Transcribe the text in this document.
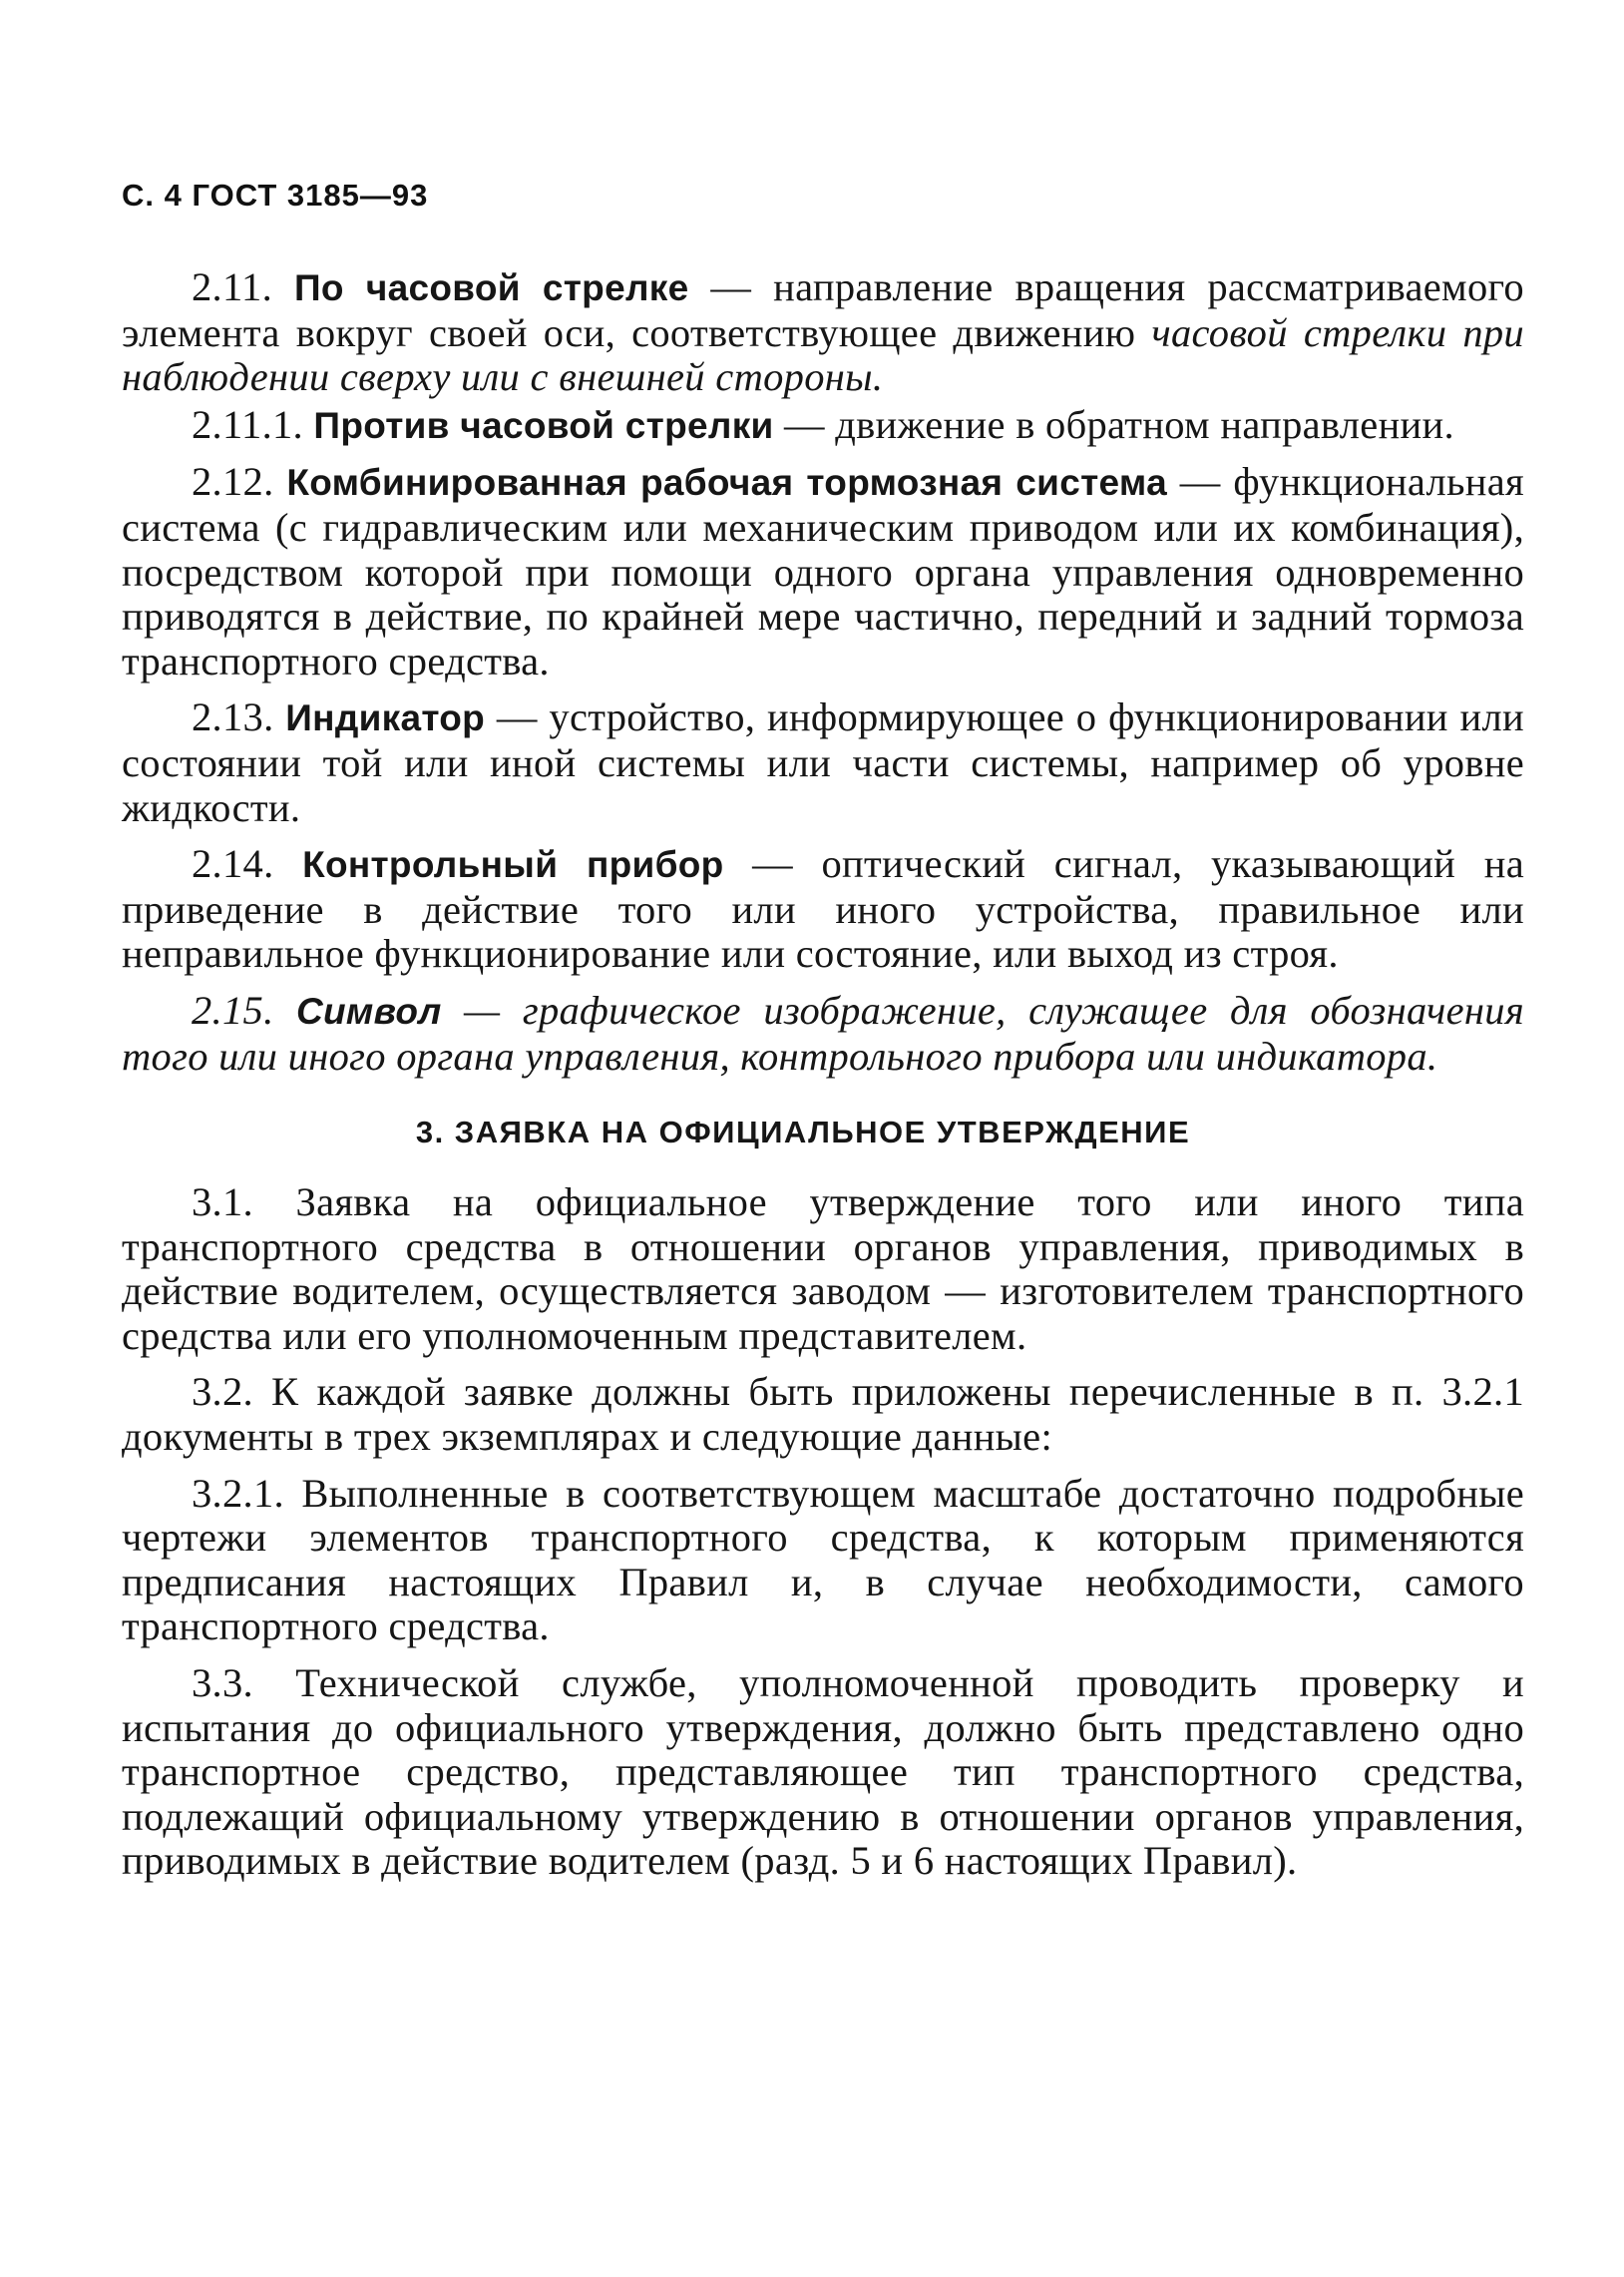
С. 4 ГОСТ 3185—93

2.11. По часовой стрелке — направление вращения рассматриваемого элемента вокруг своей оси, соответствующее движению часовой стрелки при наблюдении сверху или с внешней стороны.

2.11.1. Против часовой стрелки — движение в обратном направлении.

2.12. Комбинированная рабочая тормозная система — функциональная система (с гидравлическим или механическим приводом или их комбинация), посредством которой при помощи одного органа управления одновременно приводятся в действие, по крайней мере частично, передний и задний тормоза транспортного средства.

2.13. Индикатор — устройство, информирующее о функционировании или состоянии той или иной системы или части системы, например об уровне жидкости.

2.14. Контрольный прибор — оптический сигнал, указывающий на приведение в действие того или иного устройства, правильное или неправильное функционирование или состояние, или выход из строя.

2.15. Символ — графическое изображение, служащее для обозначения того или иного органа управления, контрольного прибора или индикатора.

3. ЗАЯВКА НА ОФИЦИАЛЬНОЕ УТВЕРЖДЕНИЕ

3.1. Заявка на официальное утверждение того или иного типа транспортного средства в отношении органов управления, приводимых в действие водителем, осуществляется заводом — изготовителем транспортного средства или его уполномоченным представителем.

3.2. К каждой заявке должны быть приложены перечисленные в п. 3.2.1 документы в трех экземплярах и следующие данные:

3.2.1. Выполненные в соответствующем масштабе достаточно подробные чертежи элементов транспортного средства, к которым применяются предписания настоящих Правил и, в случае необходимости, самого транспортного средства.

3.3. Технической службе, уполномоченной проводить проверку и испытания до официального утверждения, должно быть представлено одно транспортное средство, представляющее тип транспортного средства, подлежащий официальному утверждению в отношении органов управления, приводимых в действие водителем (разд. 5 и 6 настоящих Правил).
